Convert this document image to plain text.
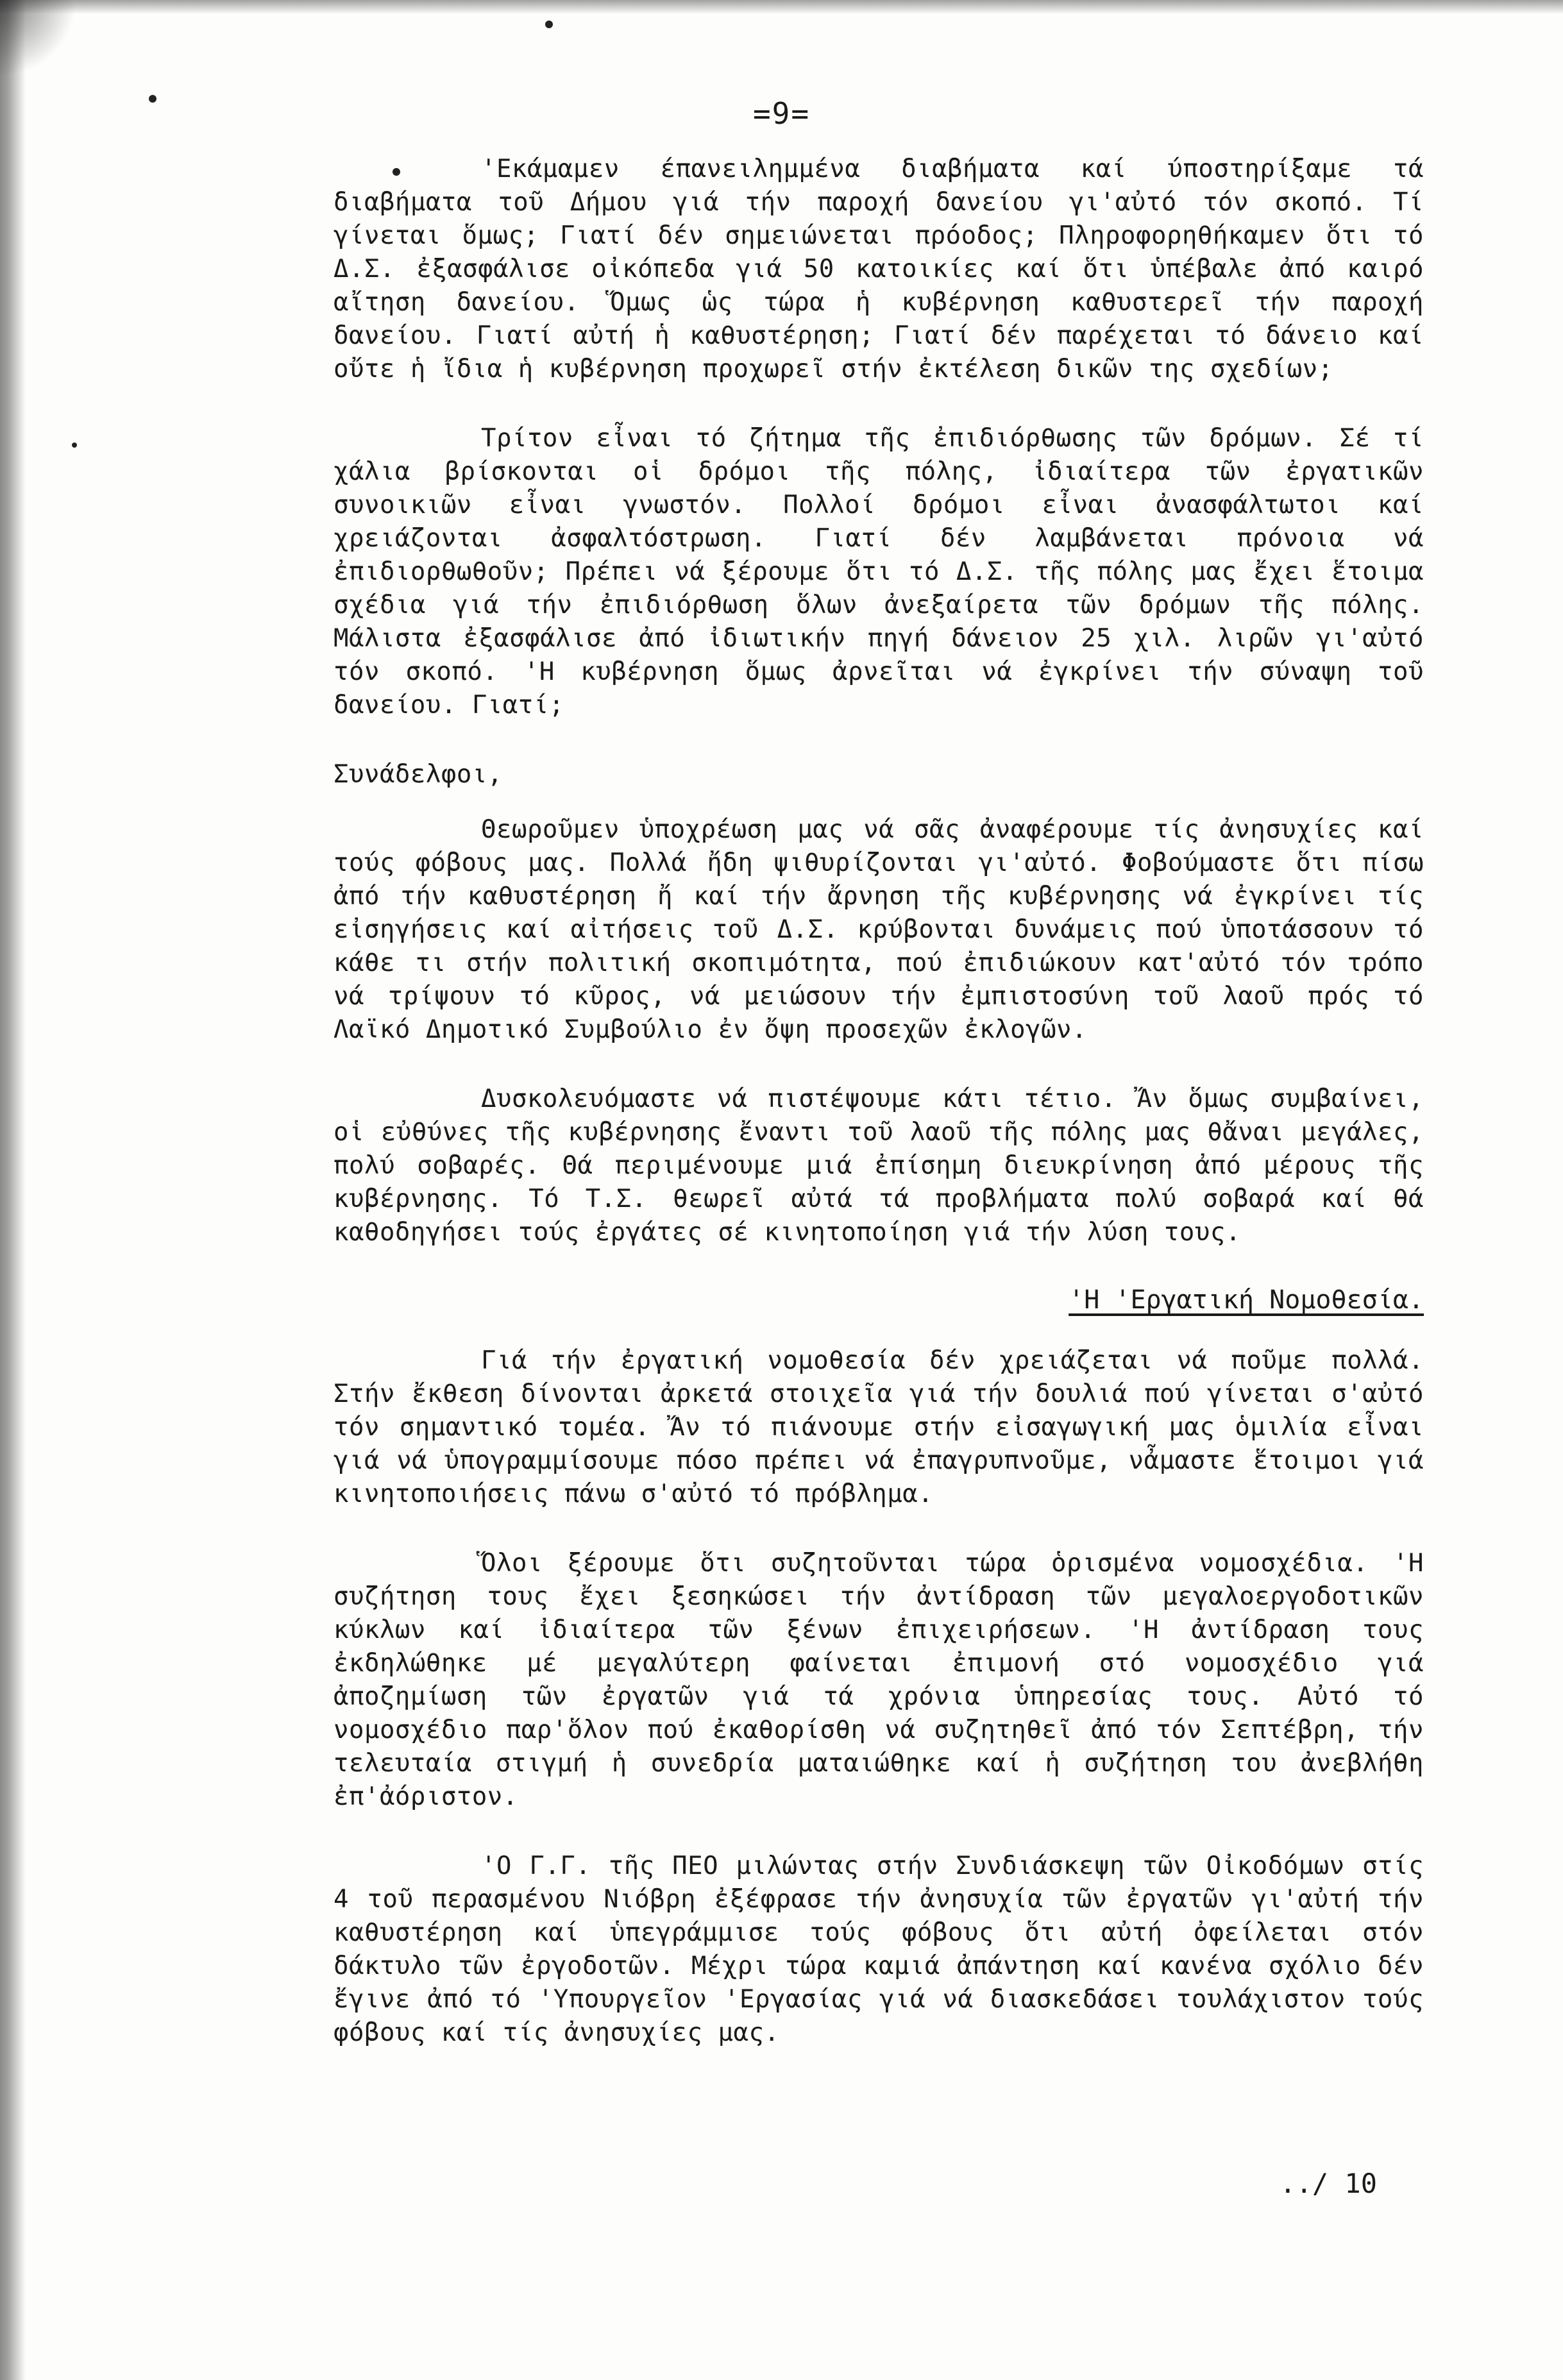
=9=

'Εκάμαμεν έπανειλημμένα διαβήματα καί ύποστηρίξαμε τά διαβήματα τοῦ Δήμου γιά τήν παροχή δανείου γι'αὐτό τόν σκοπό. Τί γίνεται ὅμως; Γιατί δέν σημειώνεται πρόοδος; Πληροφορηθήκαμεν ὅτι τό Δ.Σ. ἐξασφάλισε οἰκόπεδα γιά 50 κατοικίες καί ὅτι ὑπέβαλε ἀπό καιρό αἴτηση δανείου. Ὅμως ὡς τώρα ἡ κυβέρνηση καθυστερεῖ τήν παροχή δανείου. Γιατί αὐτή ἡ καθυστέρηση; Γιατί δέν παρέχεται τό δάνειο καί οὔτε ἡ ἴδια ἡ κυβέρνηση προχωρεῖ στήν ἐκτέλεση δικῶν της σχεδίων;

Τρίτον εἶναι τό ζήτημα τῆς ἐπιδιόρθωσης τῶν δρόμων. Σέ τί χάλια βρίσκονται οἱ δρόμοι τῆς πόλης, ἰδιαίτερα τῶν ἐργατικῶν συνοικιῶν εἶναι γνωστόν. Πολλοί δρόμοι εἶναι ἀνασφάλτωτοι καί χρειάζονται ἀσφαλτόστρωση. Γιατί δέν λαμβάνεται πρόνοια νά ἐπιδιορθωθοῦν; Πρέπει νά ξέρουμε ὅτι τό Δ.Σ. τῆς πόλης μας ἔχει ἕτοιμα σχέδια γιά τήν ἐπιδιόρθωση ὅλων ἀνεξαίρετα τῶν δρόμων τῆς πόλης. Μάλιστα ἐξασφάλισε ἀπό ἰδιωτικήν πηγή δάνειον 25 χιλ. λιρῶν γι'αὐτό τόν σκοπό. 'Η κυβέρνηση ὅμως ἀρνεῖται νά ἐγκρίνει τήν σύναψη τοῦ δανείου. Γιατί;

Συνάδελφοι,

Θεωροῦμεν ὑποχρέωση μας νά σᾶς ἀναφέρουμε τίς ἀνησυχίες καί τούς φόβους μας. Πολλά ἤδη ψιθυρίζονται γι'αὐτό. Φοβούμαστε ὅτι πίσω ἀπό τήν καθυστέρηση ἤ καί τήν ἄρνηση τῆς κυβέρνησης νά ἐγκρίνει τίς εἰσηγήσεις καί αἰτήσεις τοῦ Δ.Σ. κρύβονται δυνάμεις πού ὑποτάσσουν τό κάθε τι στήν πολιτική σκοπιμότητα, πού ἐπιδιώκουν κατ'αὐτό τόν τρόπο νά τρίψουν τό κῦρος, νά μειώσουν τήν ἐμπιστοσύνη τοῦ λαοῦ πρός τό Λαϊκό Δημοτικό Συμβούλιο ἐν ὄψη προσεχῶν ἐκλογῶν.

Δυσκολευόμαστε νά πιστέψουμε κάτι τέτιο. Ἄν ὅμως συμβαίνει, οἱ εὐθύνες τῆς κυβέρνησης ἔναντι τοῦ λαοῦ τῆς πόλης μας θἄναι μεγάλες, πολύ σοβαρές. Θά περιμένουμε μιά ἐπίσημη διευκρίνηση ἀπό μέρους τῆς κυβέρνησης. Τό Τ.Σ. θεωρεῖ αὐτά τά προβλήματα πολύ σοβαρά καί θά καθοδηγήσει τούς ἐργάτες σέ κινητοποίηση γιά τήν λύση τους.

'Η 'Εργατική Νομοθεσία.

Γιά τήν ἐργατική νομοθεσία δέν χρειάζεται νά ποῦμε πολλά. Στήν ἔκθεση δίνονται ἀρκετά στοιχεῖα γιά τήν δουλιά πού γίνεται σ'αὐτό τόν σημαντικό τομέα. Ἄν τό πιάνουμε στήν εἰσαγωγική μας ὁμιλία εἶναι γιά νά ὑπογραμμίσουμε πόσο πρέπει νά ἐπαγρυπνοῦμε, νἆμαστε ἕτοιμοι γιά κινητοποιήσεις πάνω σ'αὐτό τό πρόβλημα.

Ὅλοι ξέρουμε ὅτι συζητοῦνται τώρα ὁρισμένα νομοσχέδια. 'Η συζήτηση τους ἔχει ξεσηκώσει τήν ἀντίδραση τῶν μεγαλοεργοδοτικῶν κύκλων καί ἰδιαίτερα τῶν ξένων ἐπιχειρήσεων. 'Η ἀντίδραση τους ἐκδηλώθηκε μέ μεγαλύτερη φαίνεται ἐπιμονή στό νομοσχέδιο γιά ἀποζημίωση τῶν ἐργατῶν γιά τά χρόνια ὑπηρεσίας τους. Αὐτό τό νομοσχέδιο παρ'ὅλον πού ἐκαθορίσθη νά συζητηθεῖ ἀπό τόν Σεπτέβρη, τήν τελευταία στιγμή ἡ συνεδρία ματαιώθηκε καί ἡ συζήτηση του ἀνεβλήθη ἐπ'ἀόριστον.

'Ο Γ.Γ. τῆς ΠΕΟ μιλώντας στήν Συνδιάσκεψη τῶν Οἰκοδόμων στίς 4 τοῦ περασμένου Νιόβρη ἐξέφρασε τήν ἀνησυχία τῶν ἐργατῶν γι'αὐτή τήν καθυστέρηση καί ὑπεγράμμισε τούς φόβους ὅτι αὐτή ὀφείλεται στόν δάκτυλο τῶν ἐργοδοτῶν. Μέχρι τώρα καμιά ἀπάντηση καί κανένα σχόλιο δέν ἔγινε ἀπό τό 'Υπουργεῖον 'Εργασίας γιά νά διασκεδάσει τουλάχιστον τούς φόβους καί τίς ἀνησυχίες μας.

../ 10
